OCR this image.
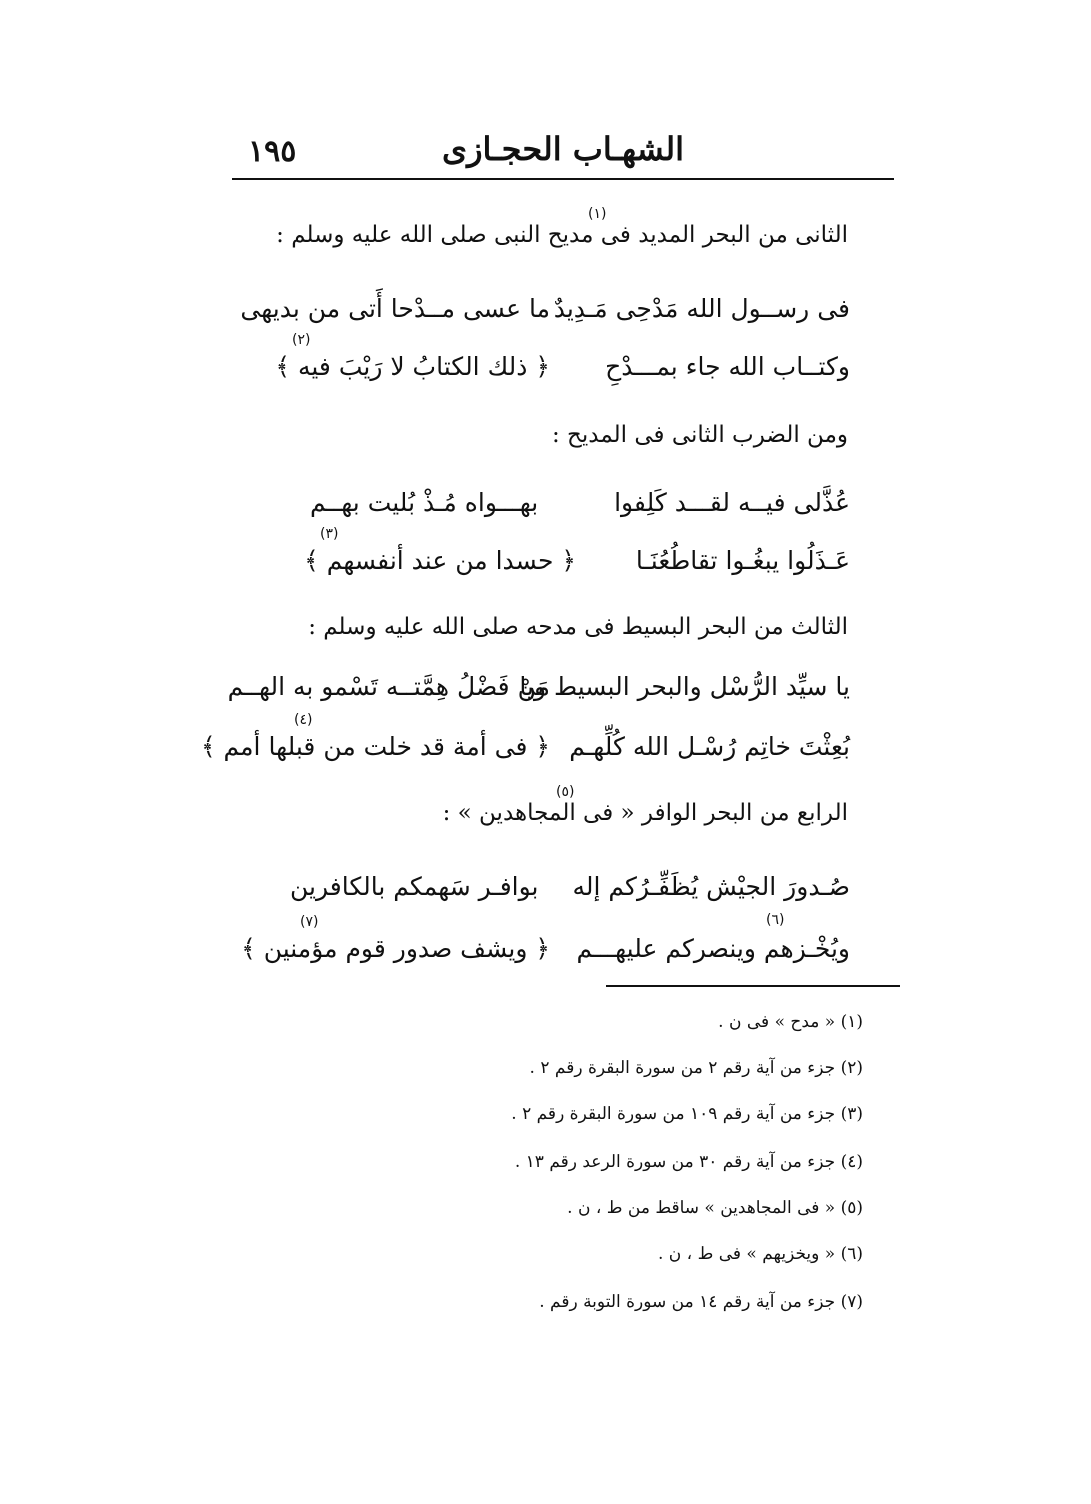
١٩٥	الشهـاب الحجـازى
الثانى من البحر المديد فى مديح النبى صلى الله عليه وسلم :
(١)
فى رســول الله مَدْحِى مَـدِيدٌ
ما عسى مــدْحا أَتى من بديهى
وكتــاب الله جاء بمـــدْحِ
﴿ ذلك الكتابُ لا رَيْبَ فيه ﴾
(٢)
ومن الضرب الثانى فى المديح :
عُذَّلى فيــه لقـــد كَلِفوا
بهـــواه مُـذْ بُليت بهــم
عَـذَلُوا يبغُـوا تقاطُعُنَـا
﴿ حسدا من عند أنفسهم ﴾
(٣)
الثالث من البحر البسيط فى مدحه صلى الله عليه وسلم :
يا سيِّد الرُّسْل والبحر البسيط ويا
مَنْ فَضْلُ هِمَّتــه تَسْمو به الهــم
بُعِثْتَ خاتِم رُسْـل الله كُلِّهـم
﴿ فى أمة قد خلت من قبلها أمم ﴾
(٤)
الرابع من البحر الوافر « فى المجاهدين » :
(٥)
صُـدورَ الجيْش يُظَفِّـرُكم إله
بوافـر سَهمكم بالكافرين
ويُخْـزهم وينصركم عليهـــم
﴿ ويشف صدور قوم مؤمنين ﴾
(٦)
(٧)
(١) « مدح » فى ن .
(٢) جزء من آية رقم ٢ من سورة البقرة رقم ٢ .
(٣) جزء من آية رقم ١٠٩ من سورة البقرة رقم ٢ .
(٤) جزء من آية رقم ٣٠ من سورة الرعد رقم ١٣ .
(٥) « فى المجاهدين » ساقط من ط ، ن .
(٦) « ويخزيهم » فى ط ، ن .
(٧) جزء من آية رقم ١٤ من سورة التوبة رقم .
